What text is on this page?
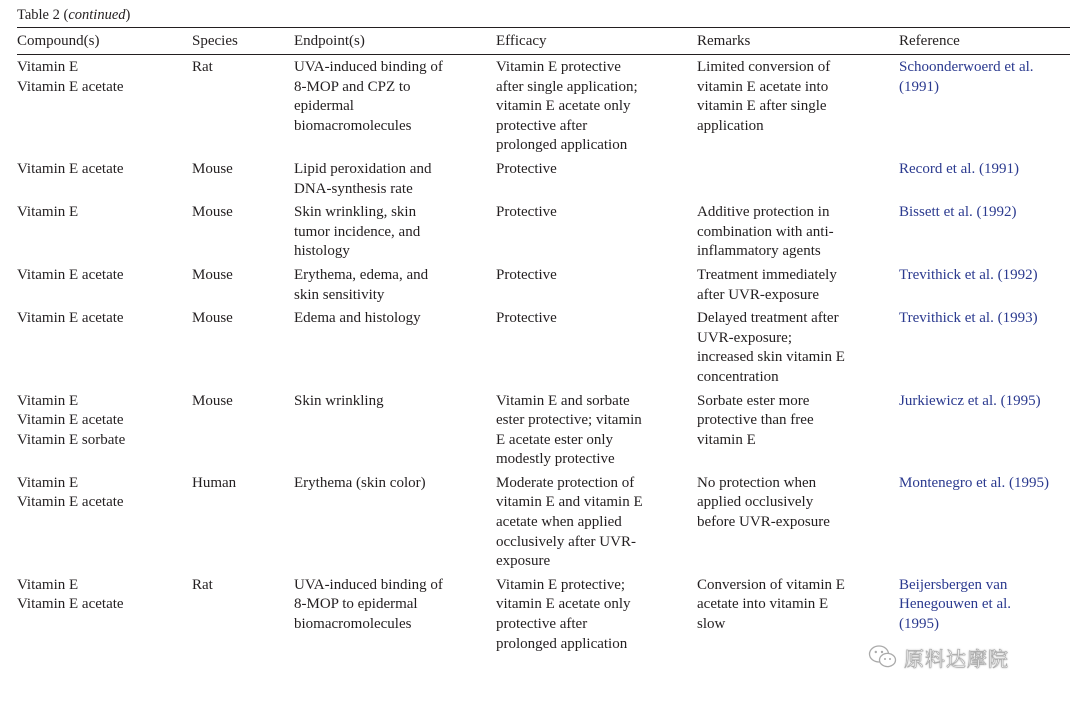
Table 2 (continued)
Compound(s)	Species	Endpoint(s)	Efficacy	Remarks	Reference

Vitamin E
Vitamin E acetate	Rat	UVA-induced binding of
8-MOP and CPZ to
epidermal
biomacromolecules	Vitamin E protective
after single application;
vitamin E acetate only
protective after
prolonged application	Limited conversion of
vitamin E acetate into
vitamin E after single
application	Schoonderwoerd et al.
(1991)

Vitamin E acetate	Mouse	Lipid peroxidation and
DNA-synthesis rate	Protective		Record et al. (1991)

Vitamin E	Mouse	Skin wrinkling, skin
tumor incidence, and
histology	Protective	Additive protection in
combination with anti-
inflammatory agents	Bissett et al. (1992)

Vitamin E acetate	Mouse	Erythema, edema, and
skin sensitivity	Protective	Treatment immediately
after UVR-exposure	Trevithick et al. (1992)

Vitamin E acetate	Mouse	Edema and histology	Protective	Delayed treatment after
UVR-exposure;
increased skin vitamin E
concentration	Trevithick et al. (1993)

Vitamin E
Vitamin E acetate
Vitamin E sorbate	Mouse	Skin wrinkling	Vitamin E and sorbate
ester protective; vitamin
E acetate ester only
modestly protective	Sorbate ester more
protective than free
vitamin E	Jurkiewicz et al. (1995)

Vitamin E
Vitamin E acetate	Human	Erythema (skin color)	Moderate protection of
vitamin E and vitamin E
acetate when applied
occlusively after UVR-
exposure	No protection when
applied occlusively
before UVR-exposure	Montenegro et al. (1995)

Vitamin E
Vitamin E acetate	Rat	UVA-induced binding of
8-MOP to epidermal
biomacromolecules	Vitamin E protective;
vitamin E acetate only
protective after
prolonged application	Conversion of vitamin E
acetate into vitamin E
slow	Beijersbergen van
Henegouwen et al.
(1995)
原料达摩院
